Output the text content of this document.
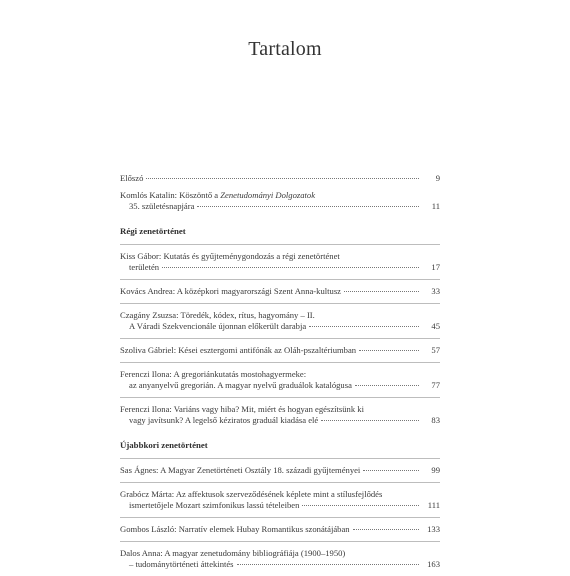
Tartalom
Előszó	9
Komlós Katalin: Köszöntő a Zenetudományi Dolgozatok
35. születésnapjára	11
Régi zenetörténet
Kiss Gábor: Kutatás és gyűjteménygondozás a régi zenetörténet
területén	17
Kovács Andrea: A középkori magyarországi Szent Anna-kultusz	33
Czagány Zsuzsa: Töredék, kódex, rítus, hagyomány – II.
A Váradi Szekvencionále újonnan előkerült darabja	45
Szoliva Gábriel: Kései esztergomi antifónák az Oláh-pszaltériumban	57
Ferenczi Ilona: A gregoriánkutatás mostohagyermeke:
az anyanyelvű gregorián. A magyar nyelvű graduálok katalógusa	77
Ferenczi Ilona: Variáns vagy hiba? Mit, miért és hogyan egészítsünk ki
vagy javítsunk? A legelső kéziratos graduál kiadása elé	83
Újabbkori zenetörténet
Sas Ágnes: A Magyar Zenetörténeti Osztály 18. századi gyűjteményei	99
Grabócz Márta: Az affektusok szerveződésének képlete mint a stílusfejlődés
ismertetőjele Mozart szimfonikus lassú tételeiben	111
Gombos László: Narratív elemek Hubay Romantikus szonátájában	133
Dalos Anna: A magyar zenetudomány bibliográfiája (1900–1950)
– tudománytörténeti áttekintés	163
